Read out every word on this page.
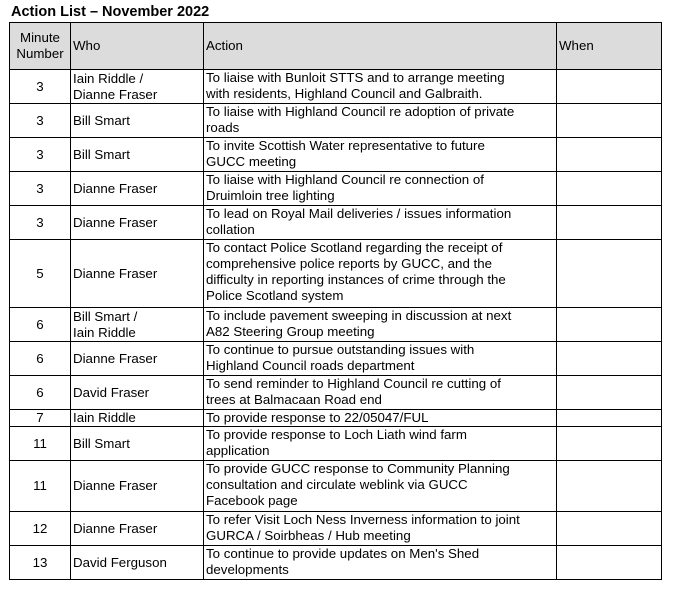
Action List – November 2022
Minute
Number	Who	Action	When
3	Iain Riddle /
Dianne Fraser	To liaise with Bunloit STTS and to arrange meeting
with residents, Highland Council and Galbraith.	
3	Bill Smart	To liaise with Highland Council re adoption of private
roads	
3	Bill Smart	To invite Scottish Water representative to future
GUCC meeting	
3	Dianne Fraser	To liaise with Highland Council re connection of
Druimloin tree lighting	
3	Dianne Fraser	To lead on Royal Mail deliveries / issues information
collation	
5	Dianne Fraser	To contact Police Scotland regarding the receipt of
comprehensive police reports by GUCC, and the
difficulty in reporting instances of crime through the
Police Scotland system	
6	Bill Smart /
Iain Riddle	To include pavement sweeping in discussion at next
A82 Steering Group meeting	
6	Dianne Fraser	To continue to pursue outstanding issues with
Highland Council roads department	
6	David Fraser	To send reminder to Highland Council re cutting of
trees at Balmacaan Road end	
7	Iain Riddle	To provide response to 22/05047/FUL	
11	Bill Smart	To provide response to Loch Liath wind farm
application	
11	Dianne Fraser	To provide GUCC response to Community Planning
consultation and circulate weblink via GUCC
Facebook page	
12	Dianne Fraser	To refer Visit Loch Ness Inverness information to joint
GURCA / Soirbheas / Hub meeting	
13	David Ferguson	To continue to provide updates on Men's Shed
developments	
